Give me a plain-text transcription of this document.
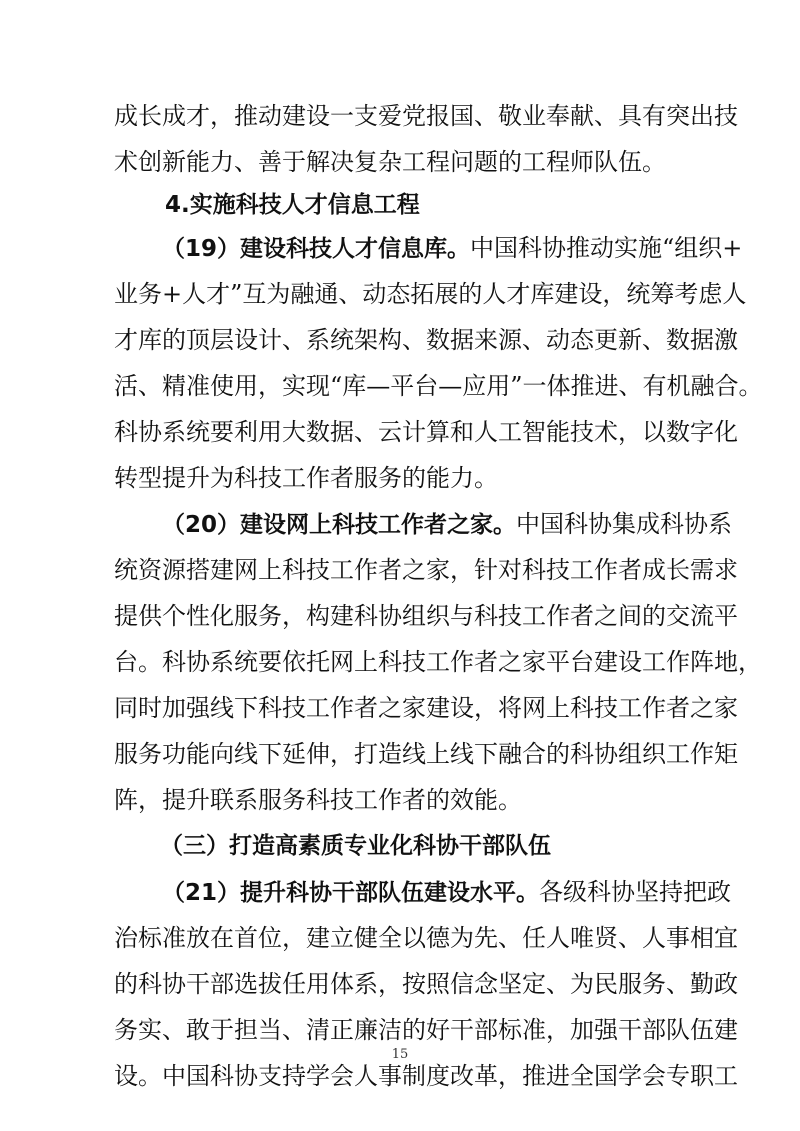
成长成才，推动建设一支爱党报国、敬业奉献、具有突出技
术创新能力、善于解决复杂工程问题的工程师队伍。
4.实施科技人才信息工程
（19）建设科技人才信息库。中国科协推动实施“组织+
业务+人才”互为融通、动态拓展的人才库建设，统筹考虑人
才库的顶层设计、系统架构、数据来源、动态更新、数据激
活、精准使用，实现“库—平台—应用”一体推进、有机融合。
科协系统要利用大数据、云计算和人工智能技术，以数字化
转型提升为科技工作者服务的能力。
（20）建设网上科技工作者之家。中国科协集成科协系
统资源搭建网上科技工作者之家，针对科技工作者成长需求
提供个性化服务，构建科协组织与科技工作者之间的交流平
台。科协系统要依托网上科技工作者之家平台建设工作阵地，
同时加强线下科技工作者之家建设，将网上科技工作者之家
服务功能向线下延伸，打造线上线下融合的科协组织工作矩
阵，提升联系服务科技工作者的效能。
（三）打造高素质专业化科协干部队伍
（21）提升科协干部队伍建设水平。各级科协坚持把政
治标准放在首位，建立健全以德为先、任人唯贤、人事相宜
的科协干部选拔任用体系，按照信念坚定、为民服务、勤政
务实、敢于担当、清正廉洁的好干部标准，加强干部队伍建
设。中国科协支持学会人事制度改革，推进全国学会专职工
15
